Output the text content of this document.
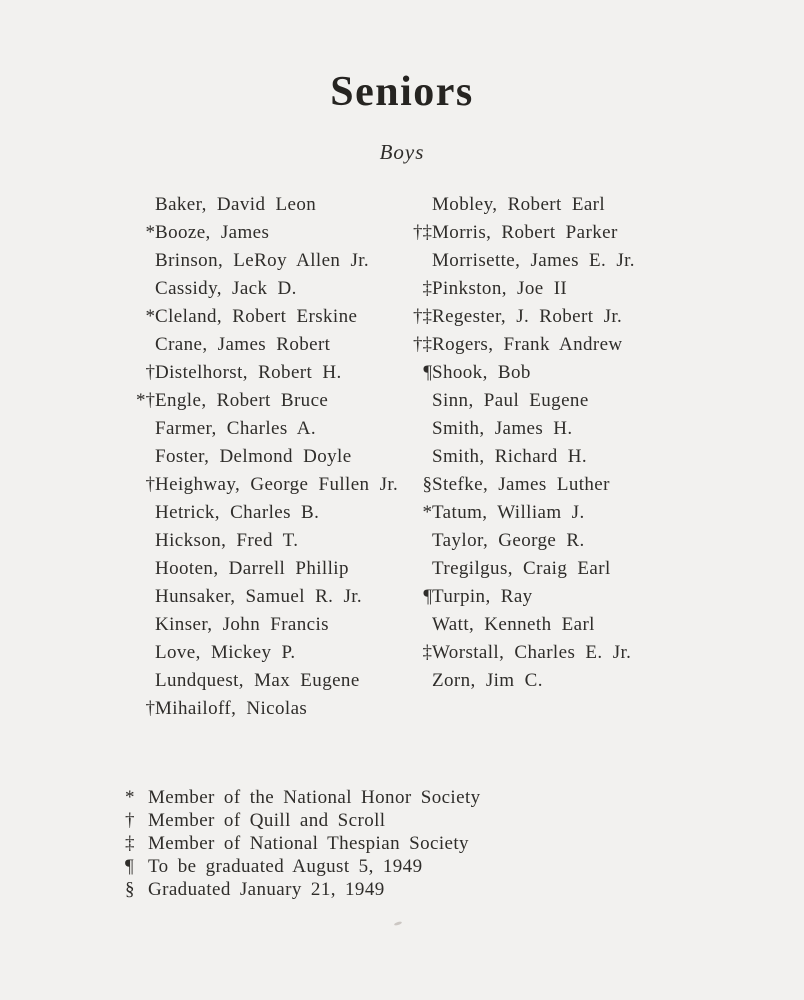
Seniors
Boys
Baker, David Leon
* Booze, James
Brinson, LeRoy Allen Jr.
Cassidy, Jack D.
* Cleland, Robert Erskine
Crane, James Robert
† Distelhorst, Robert H.
*† Engle, Robert Bruce
Farmer, Charles A.
Foster, Delmond Doyle
† Heighway, George Fullen Jr.
Hetrick, Charles B.
Hickson, Fred T.
Hooten, Darrell Phillip
Hunsaker, Samuel R. Jr.
Kinser, John Francis
Love, Mickey P.
Lundquest, Max Eugene
† Mihailoff, Nicolas
Mobley, Robert Earl
†‡ Morris, Robert Parker
Morrisette, James E. Jr.
‡ Pinkston, Joe II
†‡ Regester, J. Robert Jr.
†‡ Rogers, Frank Andrew
¶ Shook, Bob
Sinn, Paul Eugene
Smith, James H.
Smith, Richard H.
§ Stefke, James Luther
* Tatum, William J.
Taylor, George R.
Tregilgus, Craig Earl
¶ Turpin, Ray
Watt, Kenneth Earl
‡ Worstall, Charles E. Jr.
Zorn, Jim C.
* Member of the National Honor Society
† Member of Quill and Scroll
‡ Member of National Thespian Society
¶ To be graduated August 5, 1949
§ Graduated January 21, 1949
